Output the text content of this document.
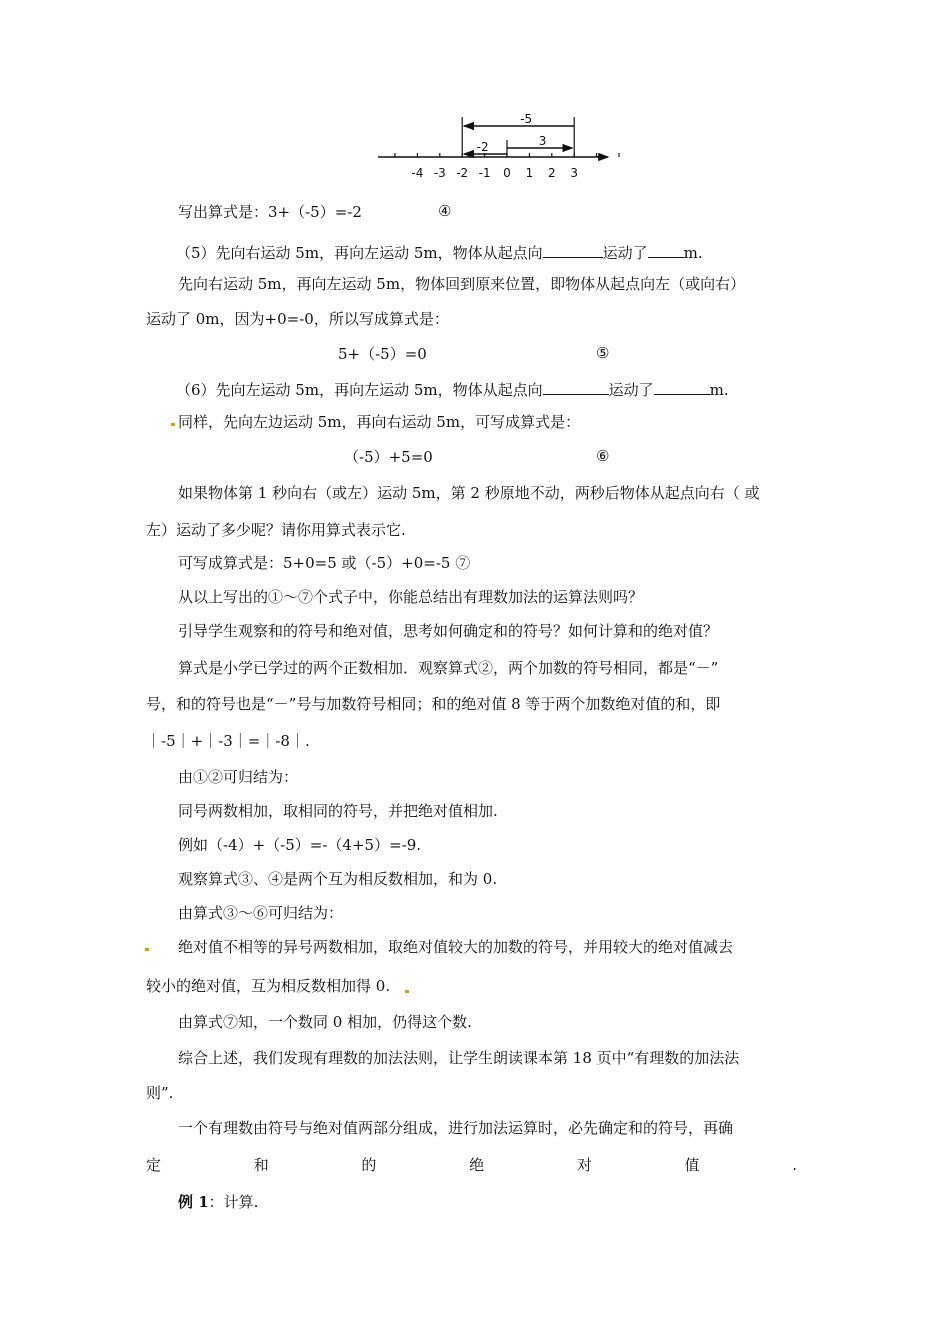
-4 -3 -2 -1 0 1 2 3
-5
3
-2
写出算式是：3+（-5）=-2	④
（5）先向右运动 5m，再向左运动 5m，物体从起点向	运动了 m.
先向右运动 5m，再向左运动 5m，物体回到原来位置，即物体从起点向左（或向右）
运动了 0m，因为+0=-0，所以写成算式是：
5+（-5）=0	⑤
（6）先向左运动 5m，再向左运动 5m，物体从起点向	运动了	m.
同样，先向左边运动 5m，再向右运动 5m，可写成算式是：
（-5）+5=0	⑥
如果物体第 1 秒向右（或左）运动 5m，第 2 秒原地不动，两秒后物体从起点向右（ 或
左）运动了多少呢？请你用算式表示它.
可写成算式是：5+0=5 或（-5）+0=-5 ⑦
从以上写出的①～⑦个式子中，你能总结出有理数加法的运算法则吗？
引导学生观察和的符号和绝对值，思考如何确定和的符号？如何计算和的绝对值？
算式是小学已学过的两个正数相加．观察算式②，两个加数的符号相同，都是“－”
号，和的符号也是“－”号与加数符号相同；和的绝对值 8 等于两个加数绝对值的和，即
｜-5｜+｜-3｜=｜-8｜.
由①②可归结为：
同号两数相加，取相同的符号，并把绝对值相加.
例如（-4）+（-5）=-（4+5）=-9.
观察算式③、④是两个互为相反数相加，和为 0.
由算式③～⑥可归结为：
绝对值不相等的异号两数相加，取绝对值较大的加数的符号，并用较大的绝对值减去
较小的绝对值，互为相反数相加得 0.
由算式⑦知，一个数同 0 相加，仍得这个数.
综合上述，我们发现有理数的加法法则，让学生朗读课本第 18 页中“有理数的加法法
则”.
一个有理数由符号与绝对值两部分组成，进行加法运算时，必先确定和的符号，再确
定	和	的	绝	对	值	.
例 1：计算.
